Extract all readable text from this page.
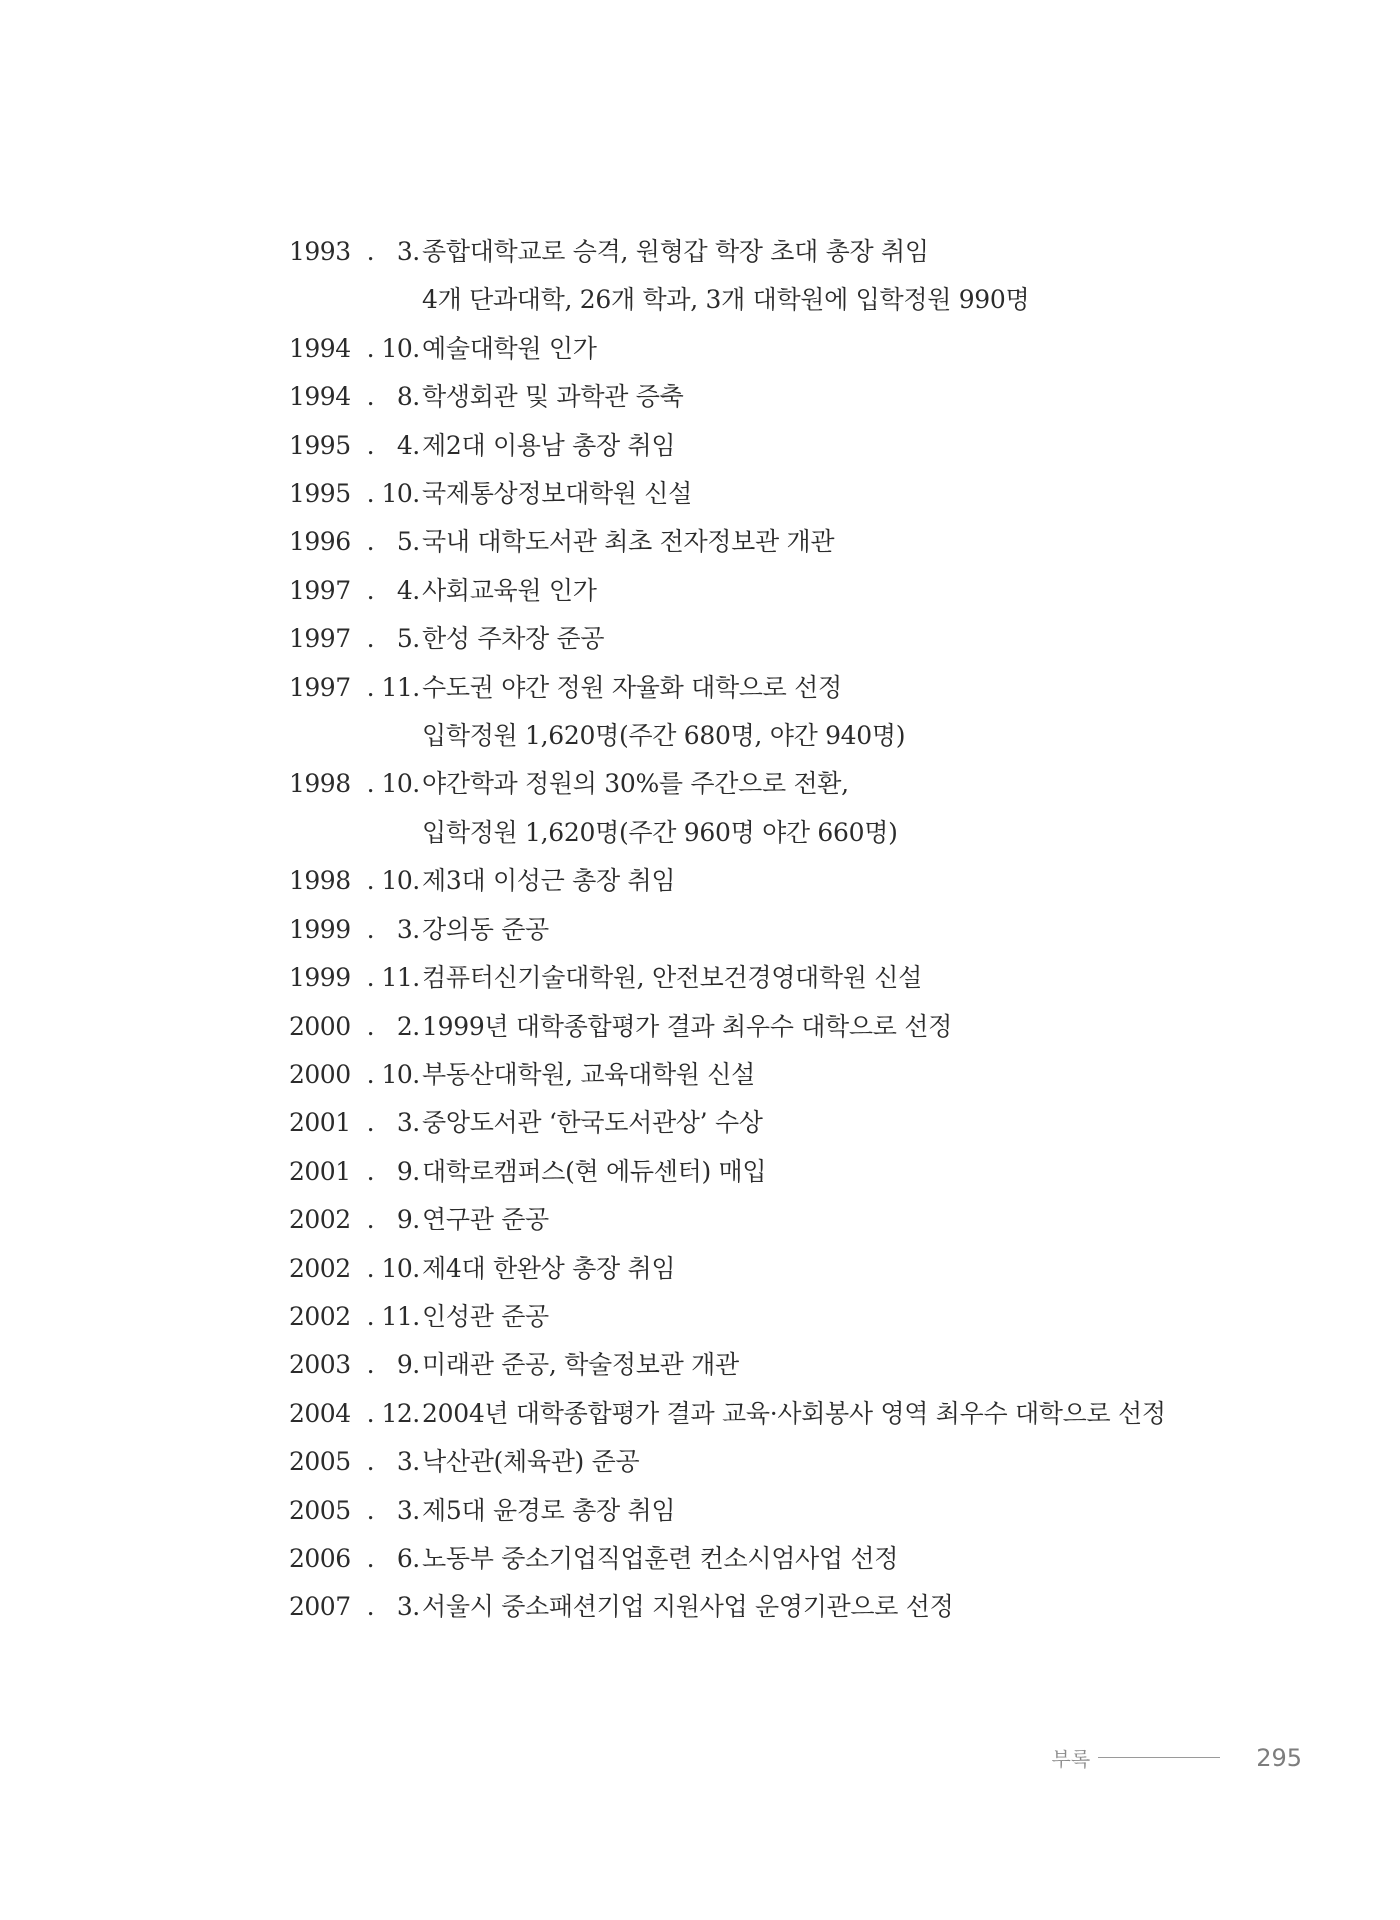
1993 . 3 . 종합대학교로 승격, 원형갑 학장 초대 총장 취임
4개 단과대학, 26개 학과, 3개 대학원에 입학정원 990명
1994 . 10 . 예술대학원 인가
1994 . 8 . 학생회관 및 과학관 증축
1995 . 4 . 제2대 이용남 총장 취임
1995 . 10 . 국제통상정보대학원 신설
1996 . 5 . 국내 대학도서관 최초 전자정보관 개관
1997 . 4 . 사회교육원 인가
1997 . 5 . 한성 주차장 준공
1997 . 11 . 수도권 야간 정원 자율화 대학으로 선정
입학정원 1,620명(주간 680명, 야간 940명)
1998 . 10 . 야간학과 정원의 30%를 주간으로 전환,
입학정원 1,620명(주간 960명 야간 660명)
1998 . 10 . 제3대 이성근 총장 취임
1999 . 3 . 강의동 준공
1999 . 11 . 컴퓨터신기술대학원, 안전보건경영대학원 신설
2000 . 2 . 1999년 대학종합평가 결과 최우수 대학으로 선정
2000 . 10 . 부동산대학원, 교육대학원 신설
2001 . 3 . 중앙도서관 ‘한국도서관상’ 수상
2001 . 9 . 대학로캠퍼스(현 에듀센터) 매입
2002 . 9 . 연구관 준공
2002 . 10 . 제4대 한완상 총장 취임
2002 . 11 . 인성관 준공
2003 . 9 . 미래관 준공, 학술정보관 개관
2004 . 12 . 2004년 대학종합평가 결과 교육·사회봉사 영역 최우수 대학으로 선정
2005 . 3 . 낙산관(체육관) 준공
2005 . 3 . 제5대 윤경로 총장 취임
2006 . 6 . 노동부 중소기업직업훈련 컨소시엄사업 선정
2007 . 3 . 서울시 중소패션기업 지원사업 운영기관으로 선정
부록	295
